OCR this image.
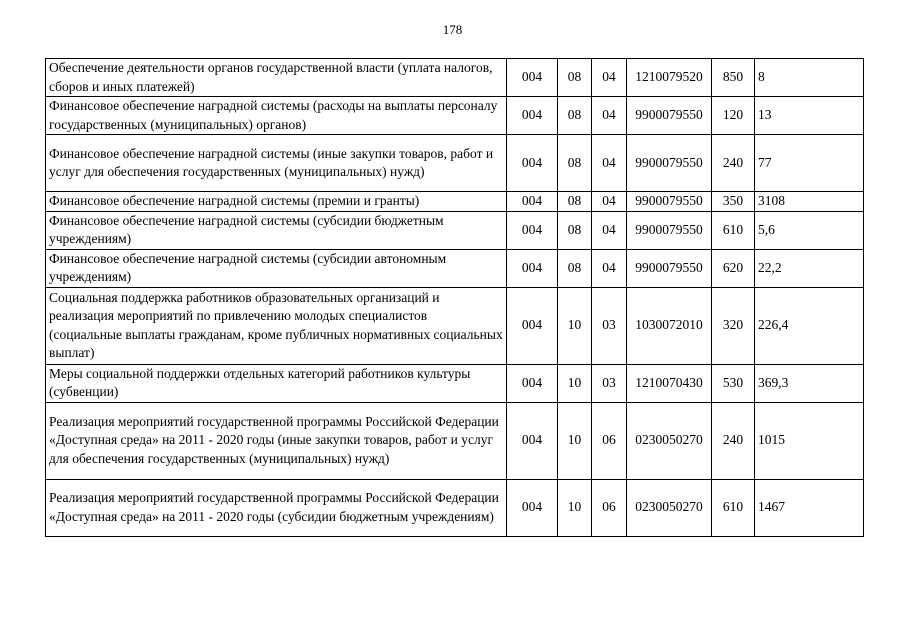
178
Обеспечение деятельности органов государственной власти (уплата налогов, сборов и иных платежей)	004	08	04	1210079520	850	8
Финансовое обеспечение наградной системы (расходы на выплаты персоналу государственных (муниципальных) органов)	004	08	04	9900079550	120	13
Финансовое обеспечение наградной системы (иные закупки товаров, работ и услуг для обеспечения государственных (муниципальных) нужд)	004	08	04	9900079550	240	77
Финансовое обеспечение наградной системы (премии и гранты)	004	08	04	9900079550	350	3108
Финансовое обеспечение наградной системы (субсидии бюджетным учреждениям)	004	08	04	9900079550	610	5,6
Финансовое обеспечение наградной системы (субсидии автономным учреждениям)	004	08	04	9900079550	620	22,2
Социальная поддержка работников образовательных организаций и реализация мероприятий по привлечению молодых специалистов (социальные выплаты гражданам, кроме публичных нормативных социальных выплат)	004	10	03	1030072010	320	226,4
Меры социальной поддержки отдельных категорий работников культуры (субвенции)	004	10	03	1210070430	530	369,3
Реализация мероприятий государственной программы Российской Федерации «Доступная среда» на 2011 - 2020 годы (иные закупки товаров, работ и услуг для обеспечения государственных (муниципальных) нужд)	004	10	06	0230050270	240	1015
Реализация мероприятий государственной программы Российской Федерации «Доступная среда» на 2011 - 2020 годы (субсидии бюджетным учреждениям)	004	10	06	0230050270	610	1467
